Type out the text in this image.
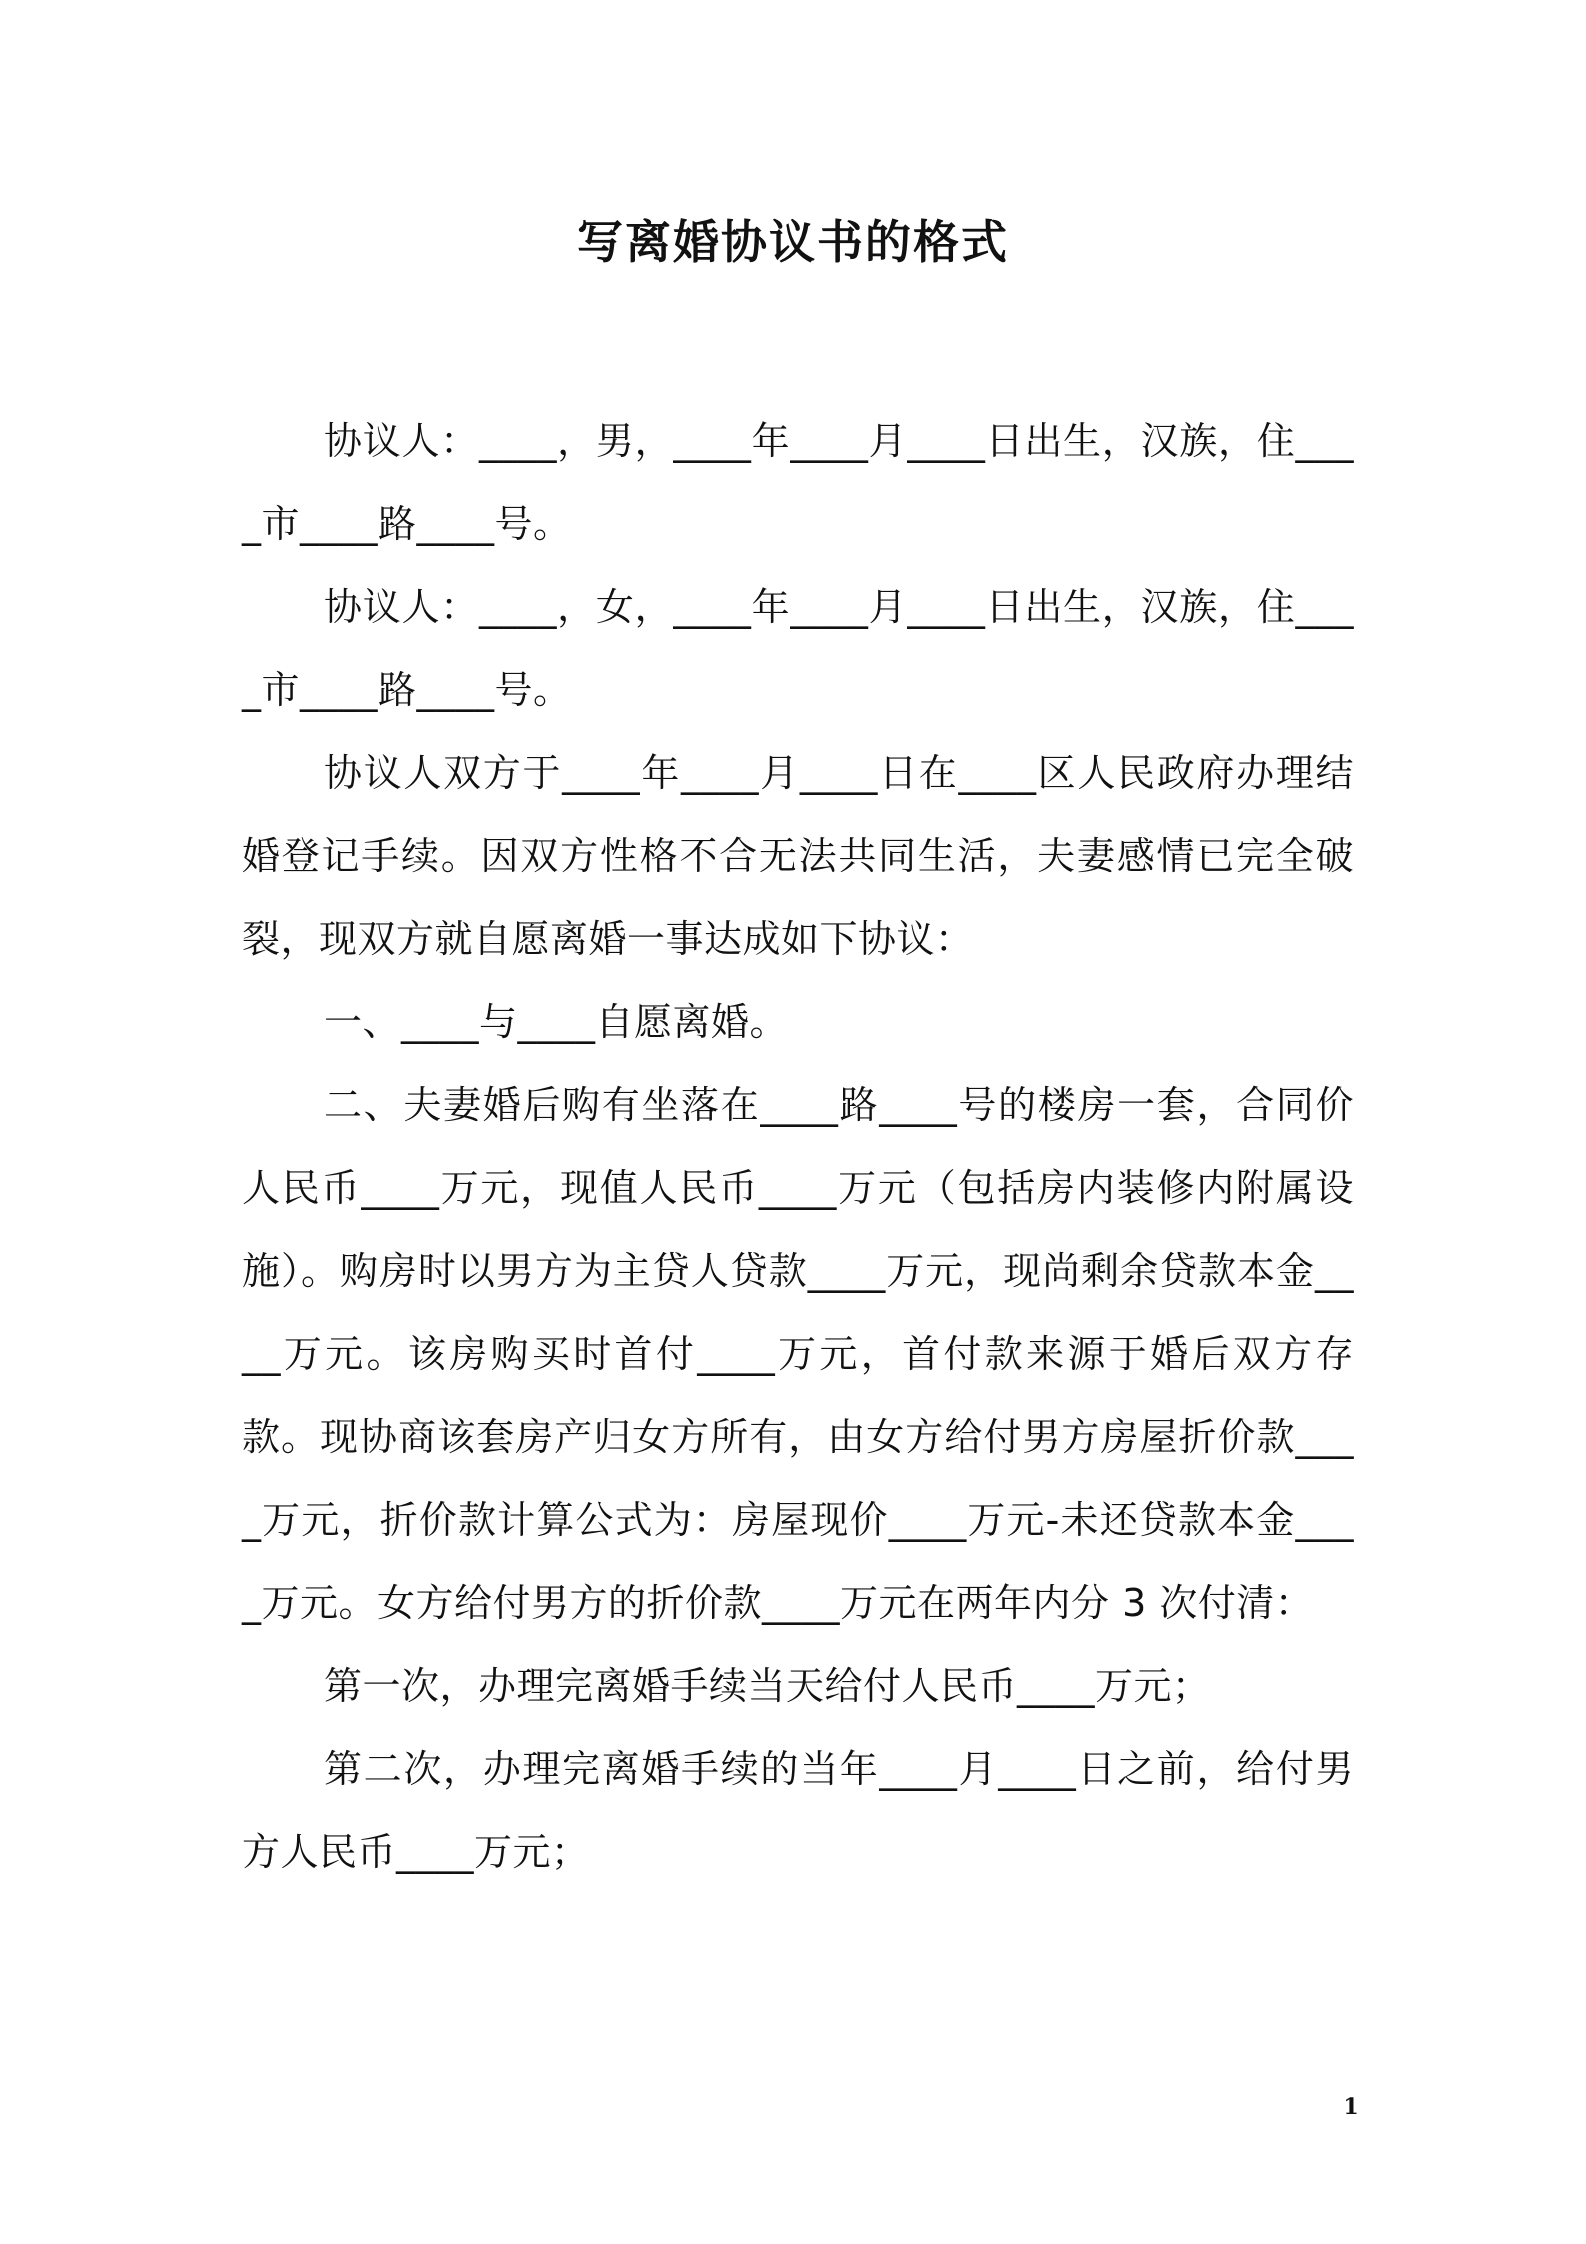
写离婚协议书的格式

协议人：____，男，____年____月____日出生，汉族，住____市____路____号。

协议人：____，女，____年____月____日出生，汉族，住____市____路____号。

协议人双方于____年____月____日在____区人民政府办理结婚登记手续。因双方性格不合无法共同生活，夫妻感情已完全破裂，现双方就自愿离婚一事达成如下协议：

一、____与____自愿离婚。

二、夫妻婚后购有坐落在____路____号的楼房一套，合同价人民币____万元，现值人民币____万元（包括房内装修内附属设施）。购房时以男方为主贷人贷款____万元，现尚剩余贷款本金____万元。该房购买时首付____万元，首付款来源于婚后双方存款。现协商该套房产归女方所有，由女方给付男方房屋折价款____万元，折价款计算公式为：房屋现价____万元-未还贷款本金____万元。女方给付男方的折价款____万元在两年内分 3 次付清：

第一次，办理完离婚手续当天给付人民币____万元；

第二次，办理完离婚手续的当年____月____日之前，给付男方人民币____万元；

1
